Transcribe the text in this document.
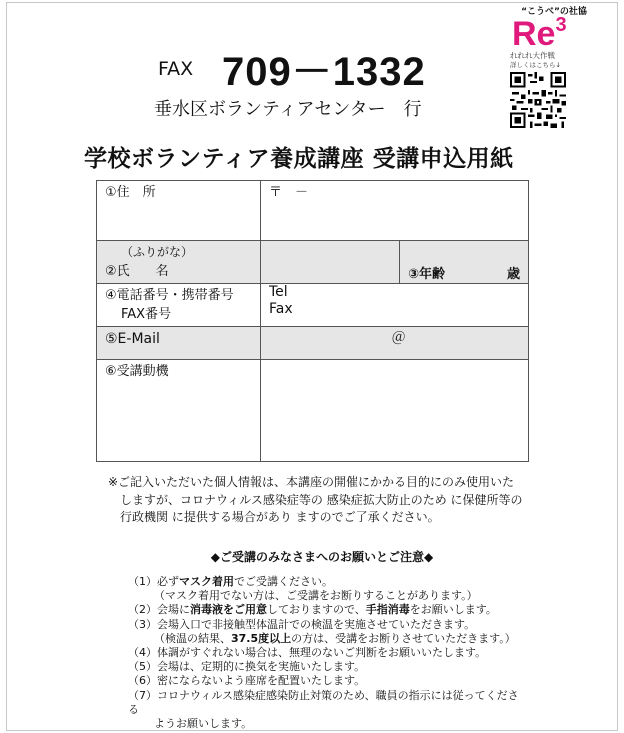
FAX 709－1332
垂水区ボランティアセンター　行
“こうべ”の社協
Re$^3$
れれれ大作戦
詳しくはこちら↓
学校ボランティア養成講座 受講申込用紙
①住　所	〒　－	

（ふりがな）
②氏　　名		③年齢 歳

④電話番号・携帯番号
FAX番号	Tel
Fax	

⑤E-Mail	＠	
⑥受講動機		

※ご記入いただいた個人情報は、本講座の開催にかかる目的にのみ使用いた

しますが、コロナウィルス感染症等の 感染症拡大防止のため に保健所等の

行政機関 に提供する場合があり ますのでご了承ください。

◆ご受講のみなさまへのお願いとご注意◆

（1）必ずマスク着用でご受講ください。

（マスク着用でない方は、ご受講をお断りすることがあります。）

（2）会場に消毒液をご用意しておりますので、手指消毒をお願いします。

（3）会場入口で非接触型体温計での検温を実施させていただきます。

（検温の結果、37.5度以上の方は、受講をお断りさせていただきます。）

（4）体調がすぐれない場合は、無理のないご判断をお願いいたします。

（5）会場は、定期的に換気を実施いたします。

（6）密にならないよう座席を配置いたします。

（7）コロナウィルス感染症感染防止対策のため、職員の指示には従ってくださる

ようお願いします。
